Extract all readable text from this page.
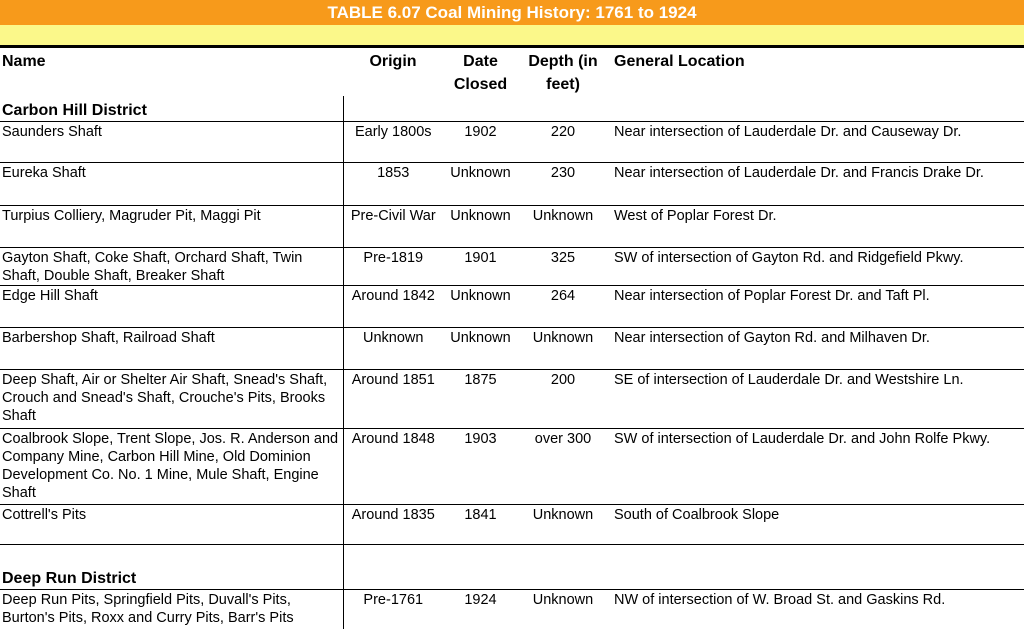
TABLE 6.07 Coal Mining History: 1761 to 1924
Name	Origin	Date Closed	Depth (in feet)	General Location
Carbon Hill District				
Saunders Shaft	Early 1800s	1902	220	Near intersection of Lauderdale Dr. and Causeway Dr.
Eureka Shaft	1853	Unknown	230	Near intersection of Lauderdale Dr. and Francis Drake Dr.
Turpius Colliery, Magruder Pit, Maggi Pit	Pre-Civil War	Unknown	Unknown	West of Poplar Forest Dr.
Gayton Shaft, Coke Shaft, Orchard Shaft, Twin Shaft, Double Shaft, Breaker Shaft	Pre-1819	1901	325	SW of intersection of Gayton Rd. and Ridgefield Pkwy.
Edge Hill Shaft	Around 1842	Unknown	264	Near intersection of Poplar Forest Dr. and Taft Pl.
Barbershop Shaft, Railroad Shaft	Unknown	Unknown	Unknown	Near intersection of Gayton Rd. and Milhaven Dr.
Deep Shaft, Air or Shelter Air Shaft, Snead's Shaft, Crouch and Snead's Shaft, Crouche's Pits, Brooks Shaft	Around 1851	1875	200	SE of intersection of Lauderdale Dr. and Westshire Ln.
Coalbrook Slope, Trent Slope, Jos. R. Anderson and Company Mine, Carbon Hill Mine, Old Dominion Development Co. No. 1 Mine, Mule Shaft, Engine Shaft	Around 1848	1903	over 300	SW of intersection of Lauderdale Dr. and John Rolfe Pkwy.
Cottrell's Pits	Around 1835	1841	Unknown	South of Coalbrook Slope
Deep Run District				
Deep Run Pits, Springfield Pits, Duvall's Pits, Burton's Pits, Roxx and Curry Pits, Barr's Pits	Pre-1761	1924	Unknown	NW of intersection of W. Broad St. and Gaskins Rd.
